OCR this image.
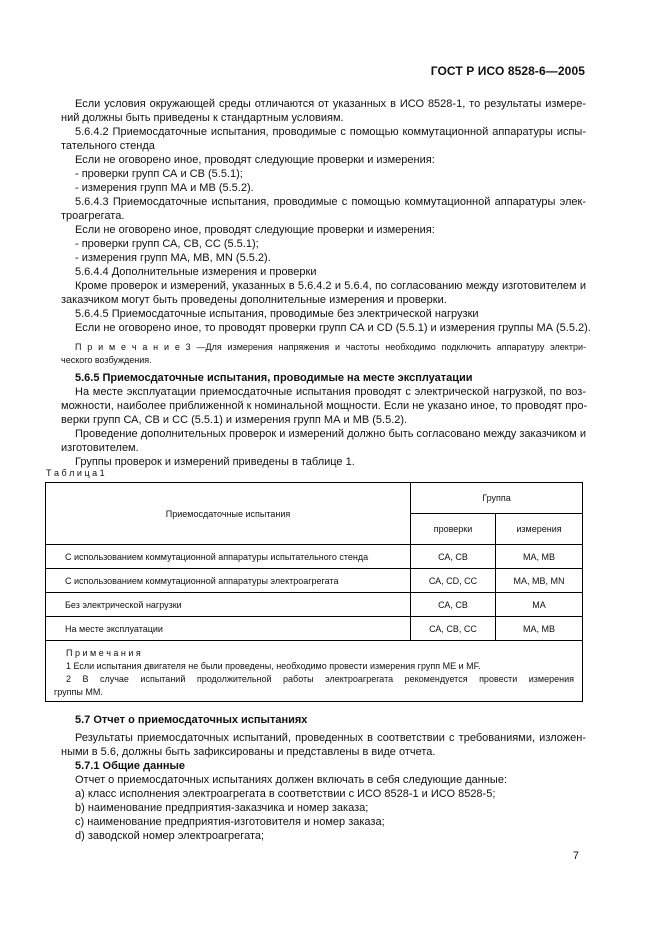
ГОСТ Р ИСО 8528-6—2005
Если условия окружающей среды отличаются от указанных в ИСО 8528-1, то результаты измере-
ний должны быть приведены к стандартным условиям.
5.6.4.2 Приемосдаточные испытания, проводимые с помощью коммутационной аппаратуры испы-
тательного стенда
Если не оговорено иное, проводят следующие проверки и измерения:
- проверки групп СА и СВ (5.5.1);
- измерения групп МА и МВ (5.5.2).
5.6.4.3 Приемосдаточные испытания, проводимые с помощью коммутационной аппаратуры элек-
троагрегата.
Если не оговорено иное, проводят следующие проверки и измерения:
- проверки групп СА, СВ, СС (5.5.1);
- измерения групп МА, МВ, MN (5.5.2).
5.6.4.4 Дополнительные измерения и проверки
Кроме проверок и измерений, указанных в 5.6.4.2 и 5.6.4, по согласованию между изготовителем и
заказчиком могут быть проведены дополнительные измерения и проверки.
5.6.4.5 Приемосдаточные испытания, проводимые без электрической нагрузки
Если не оговорено иное, то проводят проверки групп СА и CD (5.5.1) и измерения группы МА (5.5.2).
П р и м е ч а н и е 3 —Для измерения напряжения и частоты необходимо подключить аппаратуру электри-
ческого возбуждения.
5.6.5 Приемосдаточные испытания, проводимые на месте эксплуатации
На месте эксплуатации приемосдаточные испытания проводят с электрической нагрузкой, по воз-
можности, наиболее приближенной к номинальной мощности. Если не указано иное, то проводят про-
верки групп СА, СВ и СС (5.5.1) и измерения групп МА и МВ (5.5.2).
Проведение дополнительных проверок и измерений должно быть согласовано между заказчиком и
изготовителем.
Группы проверок и измерений приведены в таблице 1.
Т а б л и ц а 1
Приемосдаточные испытания	Группа	
	проверки	измерения
С использованием коммутационной аппаратуры испытательного стенда	СА, СВ	МА, МВ
С использованием коммутационной аппаратуры электроагрегата	СА, CD, CC	МА, МВ, MN
Без электрической нагрузки	СА, СВ	МА
На месте эксплуатации	СА, СВ, СС	МА, МВ

П р и м е ч а н и я
1 Если испытания двигателя не были проведены, необходимо провести измерения групп ME и MF.
2 В случае испытаний продолжительной работы электроагрегата рекомендуется провести измерения
группы ММ.		
5.7 Отчет о приемосдаточных испытаниях
Результаты приемосдаточных испытаний, проведенных в соответствии с требованиями, изложен-
ными в 5.6, должны быть зафиксированы и представлены в виде отчета.
5.7.1 Общие данные
Отчет о приемосдаточных испытаниях должен включать в себя следующие данные:
a) класс исполнения электроагрегата в соответствии с ИСО 8528-1 и ИСО 8528-5;
b) наименование предприятия-заказчика и номер заказа;
c) наименование предприятия-изготовителя и номер заказа;
d) заводской номер электроагрегата;
7
